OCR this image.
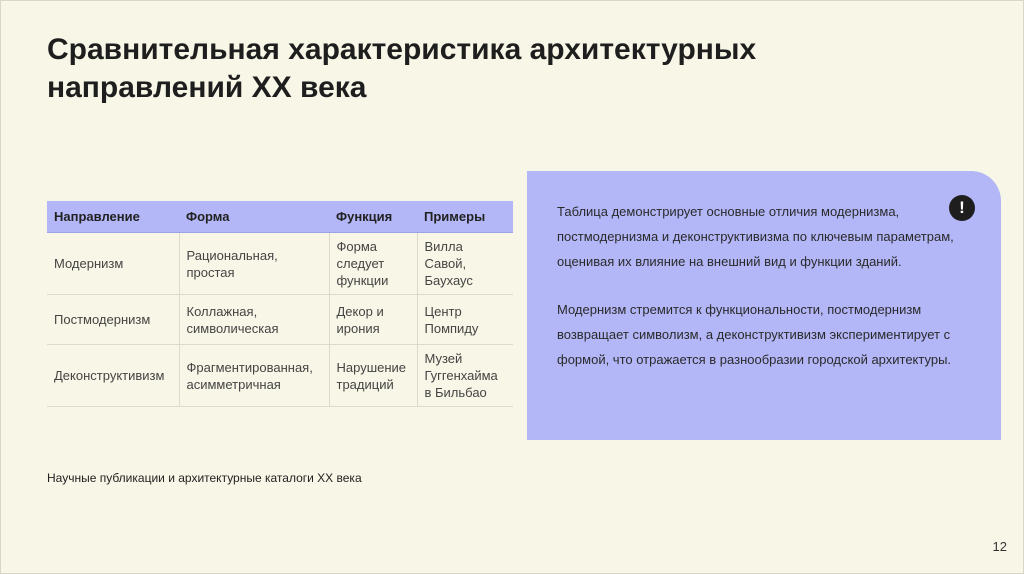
Сравнительная характеристика архитектурных
направлений XX века
Направление	Форма	Функция	Примеры
Модернизм	Рациональная, простая	Форма следует функции	Вилла Савой, Баухаус
Постмодернизм	Коллажная, символическая	Декор и ирония	Центр Помпиду
Деконструктивизм	Фрагментированная, асимметричная	Нарушение традиций	Музей Гуггенхайма в Бильбао
!

Таблица демонстрирует основные отличия модернизма, постмодернизма и деконструктивизма по ключевым параметрам, оценивая их влияние на внешний вид и функции зданий.

Модернизм стремится к функциональности, постмодернизм возвращает символизм, а деконструктивизм экспериментирует с формой, что отражается в разнообразии городской архитектуры.

Научные публикации и архитектурные каталоги XX века
12
